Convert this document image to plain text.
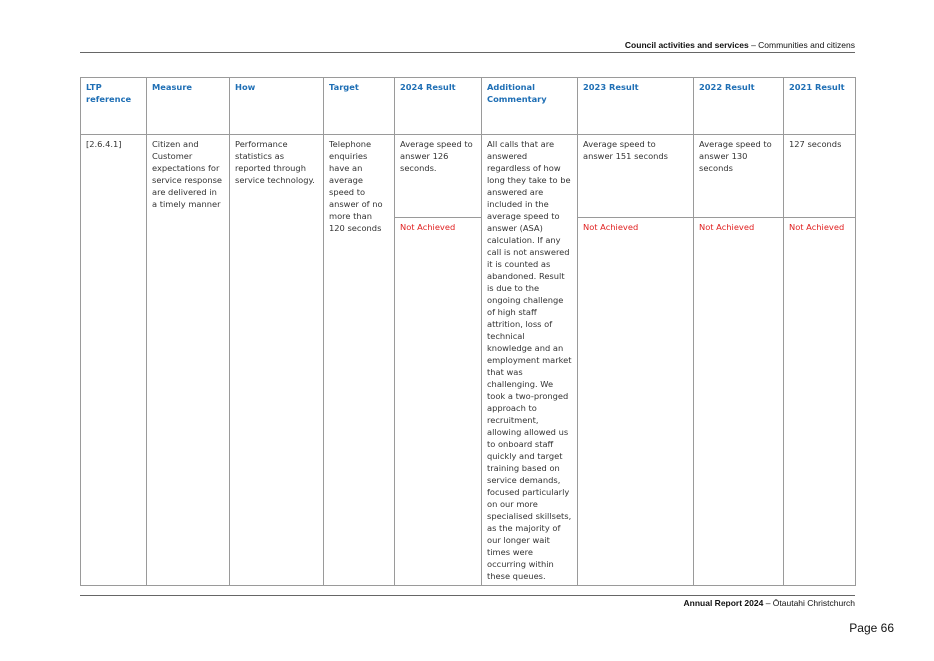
Council activities and services – Communities and citizens
LTP reference	Measure	How	Target	2024 Result	Additional Commentary	2023 Result	2022 Result	2021 Result
[2.6.4.1]	Citizen and Customer expectations for service response are delivered in a timely manner	Performance statistics as reported through service technology.	Telephone enquiries have an average speed to answer of no more than 120 seconds	Average speed to answer 126 seconds.	All calls that are answered regardless of how long they take to be answered are included in the average speed to answer (ASA) calculation. If any call is not answered it is counted as abandoned. Result is due to the ongoing challenge of high staff attrition, loss of technical knowledge and an employment market that was challenging. We took a two-pronged approach to recruitment, allowing allowed us to onboard staff quickly and target training based on service demands, focused particularly on our more specialised skillsets, as the majority of our longer wait times were occurring within these queues.	Average speed to answer 151 seconds	Average speed to answer 130 seconds	127 seconds
				Not Achieved		Not Achieved	Not Achieved	Not Achieved
Annual Report 2024 – Ōtautahi Christchurch
Page 66
